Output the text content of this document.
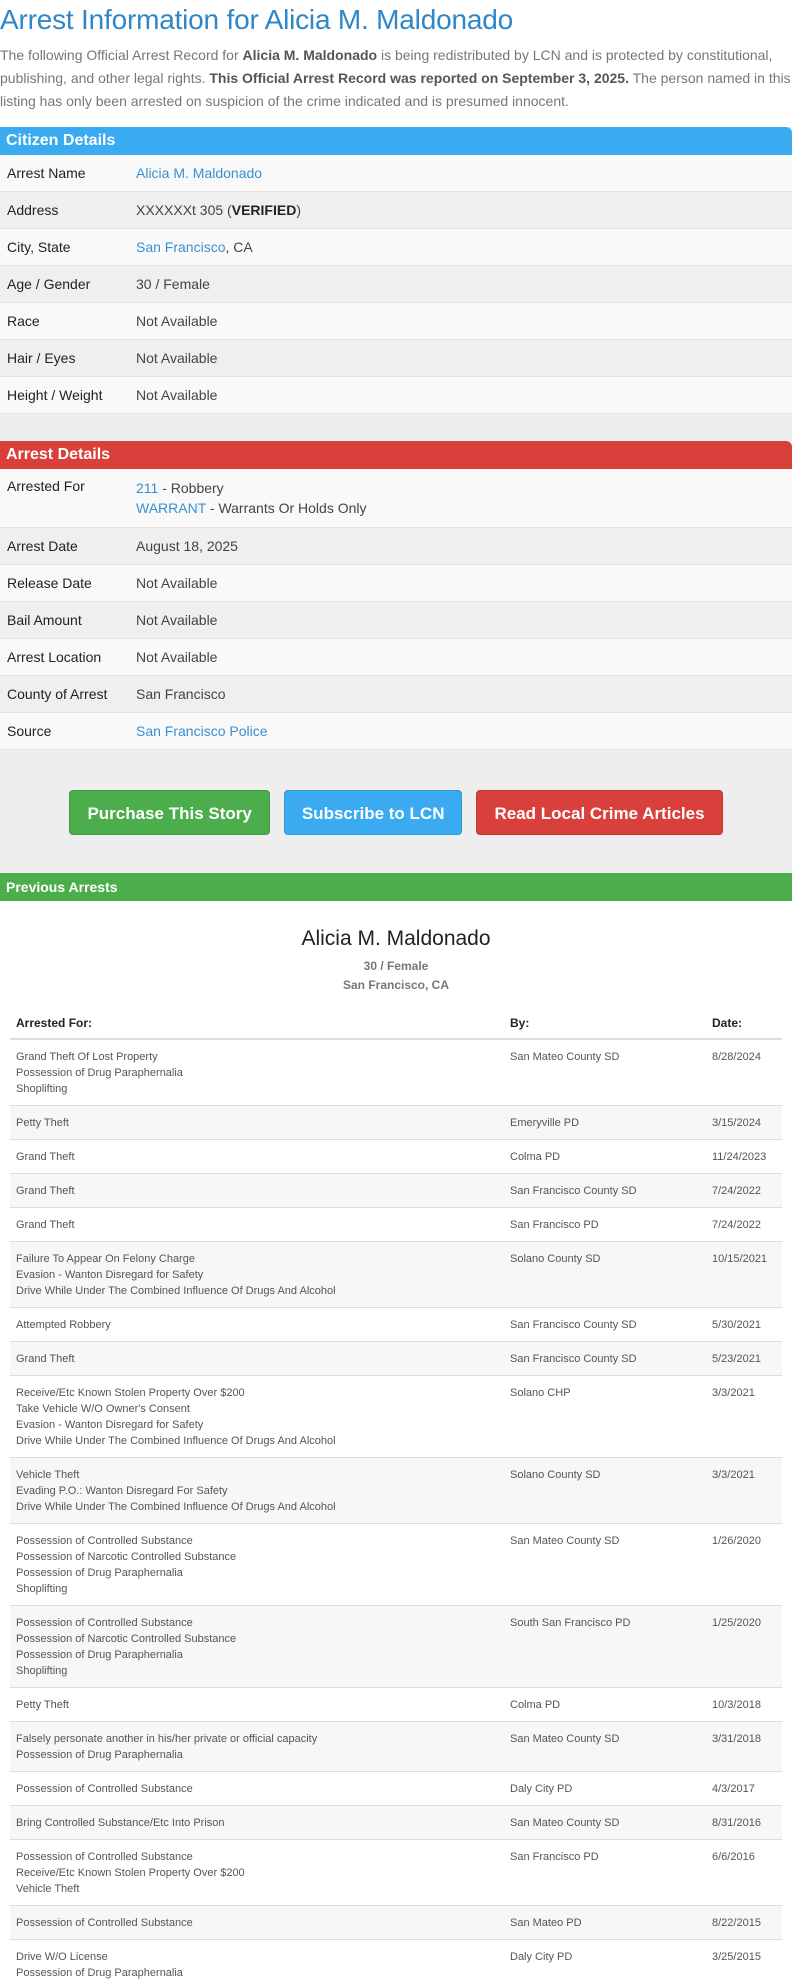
Arrest Information for Alicia M. Maldonado

The following Official Arrest Record for Alicia M. Maldonado is being redistributed by LCN and is protected by constitutional, publishing, and other legal rights. This Official Arrest Record was reported on September 3, 2025. The person named in this listing has only been arrested on suspicion of the crime indicated and is presumed innocent.

Citizen Details
Arrest Name	Alicia M. Maldonado
Address	XXXXXXt 305 (VERIFIED)
City, State	San Francisco, CA
Age / Gender	30 / Female
Race	Not Available
Hair / Eyes	Not Available
Height / Weight	Not Available
Arrest Details
Arrested For	211 - Robbery
WARRANT - Warrants Or Holds Only
Arrest Date	August 18, 2025
Release Date	Not Available
Bail Amount	Not Available
Arrest Location	Not Available
County of Arrest	San Francisco
Source	San Francisco Police
Purchase This Story	Subscribe to LCN	Read Local Crime Articles
Previous Arrests
Alicia M. Maldonado
30 / Female
San Francisco, CA
Arrested For:	By:	Date:

Grand Theft Of Lost Property
Possession of Drug Paraphernalia
Shoplifting	San Mateo County SD	8/28/2024

Petty Theft	Emeryville PD	3/15/2024

Grand Theft	Colma PD	11/24/2023

Grand Theft	San Francisco County SD	7/24/2022

Grand Theft	San Francisco PD	7/24/2022

Failure To Appear On Felony Charge
Evasion - Wanton Disregard for Safety
Drive While Under The Combined Influence Of Drugs And Alcohol	Solano County SD	10/15/2021

Attempted Robbery	San Francisco County SD	5/30/2021

Grand Theft	San Francisco County SD	5/23/2021

Receive/Etc Known Stolen Property Over $200
Take Vehicle W/O Owner's Consent
Evasion - Wanton Disregard for Safety
Drive While Under The Combined Influence Of Drugs And Alcohol	Solano CHP	3/3/2021

Vehicle Theft
Evading P.O.: Wanton Disregard For Safety
Drive While Under The Combined Influence Of Drugs And Alcohol	Solano County SD	3/3/2021

Possession of Controlled Substance
Possession of Narcotic Controlled Substance
Possession of Drug Paraphernalia
Shoplifting	San Mateo County SD	1/26/2020

Possession of Controlled Substance
Possession of Narcotic Controlled Substance
Possession of Drug Paraphernalia
Shoplifting	South San Francisco PD	1/25/2020

Petty Theft	Colma PD	10/3/2018

Falsely personate another in his/her private or official capacity
Possession of Drug Paraphernalia	San Mateo County SD	3/31/2018

Possession of Controlled Substance	Daly City PD	4/3/2017

Bring Controlled Substance/Etc Into Prison	San Mateo County SD	8/31/2016

Possession of Controlled Substance
Receive/Etc Known Stolen Property Over $200
Vehicle Theft	San Francisco PD	6/6/2016

Possession of Controlled Substance	San Mateo PD	8/22/2015

Drive W/O License
Possession of Drug Paraphernalia	Daly City PD	3/25/2015
